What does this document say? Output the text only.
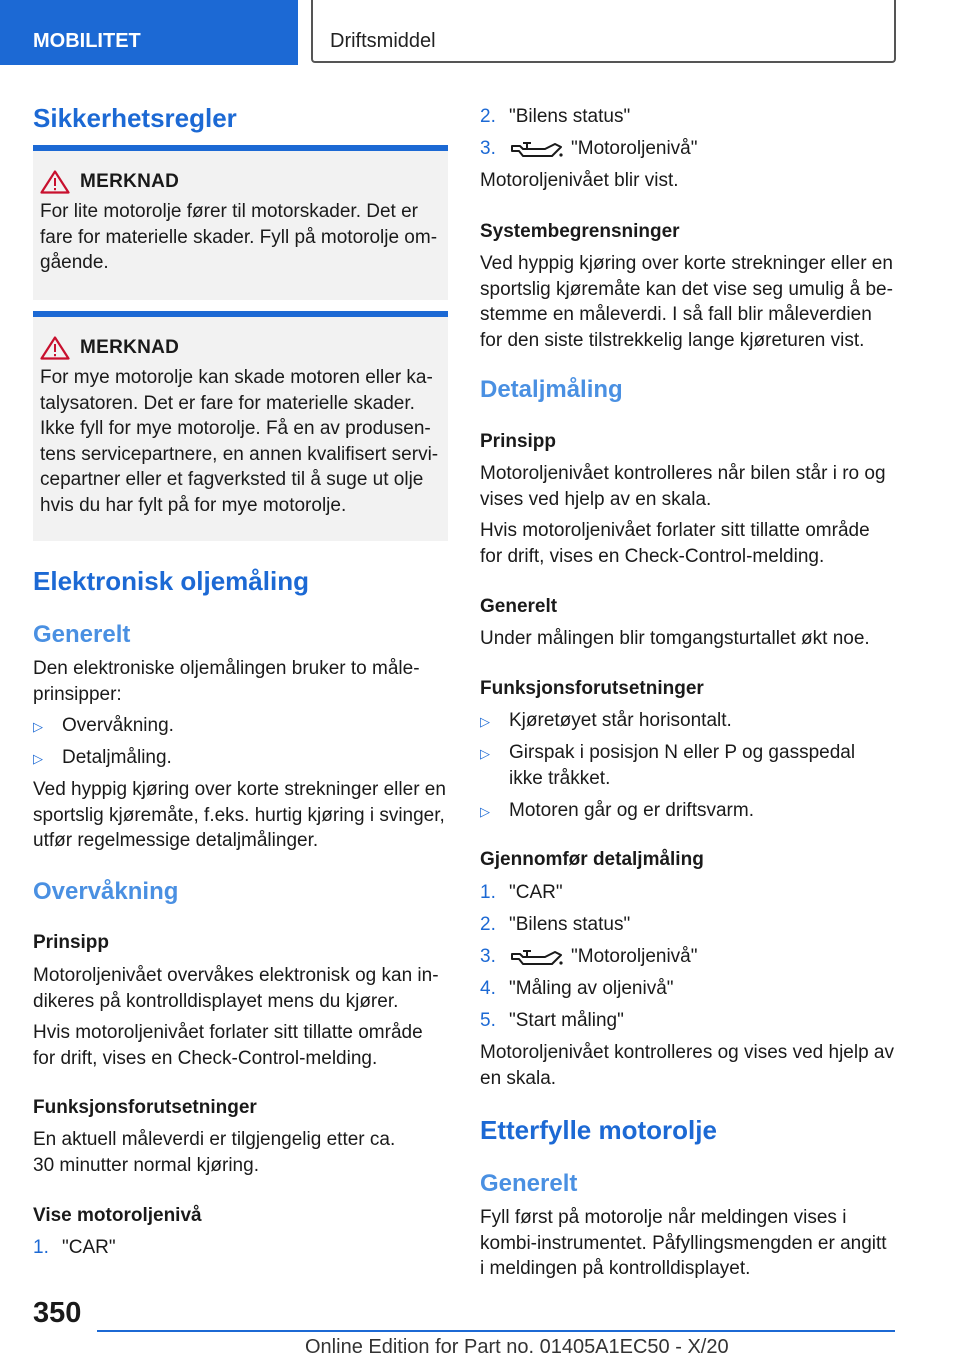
MOBILITET	Driftsmiddel
Sikkerhetsregler
MERKNAD

For lite motorolje fører til motorskader. Det er fare for materielle skader. Fyll på motorolje om-gående.

MERKNAD

For mye motorolje kan skade motoren eller ka-talysatoren. Det er fare for materielle skader. Ikke fyll for mye motorolje. Få en av produsen-tens servicepartnere, en annen kvalifisert servi-cepartner eller et fagverksted til å suge ut olje hvis du har fylt på for mye motorolje.

Elektronisk oljemåling
Generelt

Den elektroniske oljemålingen bruker to måle-prinsipper:

▷ Overvåkning.
▷ Detaljmåling.

Ved hyppig kjøring over korte strekninger eller en sportslig kjøremåte, f.eks. hurtig kjøring i svinger, utfør regelmessige detaljmålinger.

Overvåkning
Prinsipp

Motoroljenivået overvåkes elektronisk og kan in-dikeres på kontrolldisplayet mens du kjører.

Hvis motoroljenivået forlater sitt tillatte område for drift, vises en Check-Control-melding.

Funksjonsforutsetninger

En aktuell måleverdi er tilgjengelig etter ca. 30 minutter normal kjøring.

Vise motoroljenivå
1. "CAR"
2. "Bilens status"
3.	"Motoroljenivå"

Motoroljenivået blir vist.

Systembegrensninger

Ved hyppig kjøring over korte strekninger eller en sportslig kjøremåte kan det vise seg umulig å be-stemme en måleverdi. I så fall blir måleverdien for den siste tilstrekkelig lange kjøreturen vist.

Detaljmåling
Prinsipp

Motoroljenivået kontrolleres når bilen står i ro og vises ved hjelp av en skala.

Hvis motoroljenivået forlater sitt tillatte område for drift, vises en Check-Control-melding.

Generelt

Under målingen blir tomgangsturtallet økt noe.

Funksjonsforutsetninger
▷ Kjøretøyet står horisontalt.
▷ Girspak i posisjon N eller P og gasspedal ikke tråkket.
▷ Motoren går og er driftsvarm.
Gjennomfør detaljmåling
1. "CAR"
2. "Bilens status"
3.	"Motoroljenivå"
4. "Måling av oljenivå"
5. "Start måling"

Motoroljenivået kontrolleres og vises ved hjelp av en skala.

Etterfylle motorolje
Generelt

Fyll først på motorolje når meldingen vises i kombi-instrumentet. Påfyllingsmengden er angitt i meldingen på kontrolldisplayet.

350
Online Edition for Part no. 01405A1EC50 - X/20
